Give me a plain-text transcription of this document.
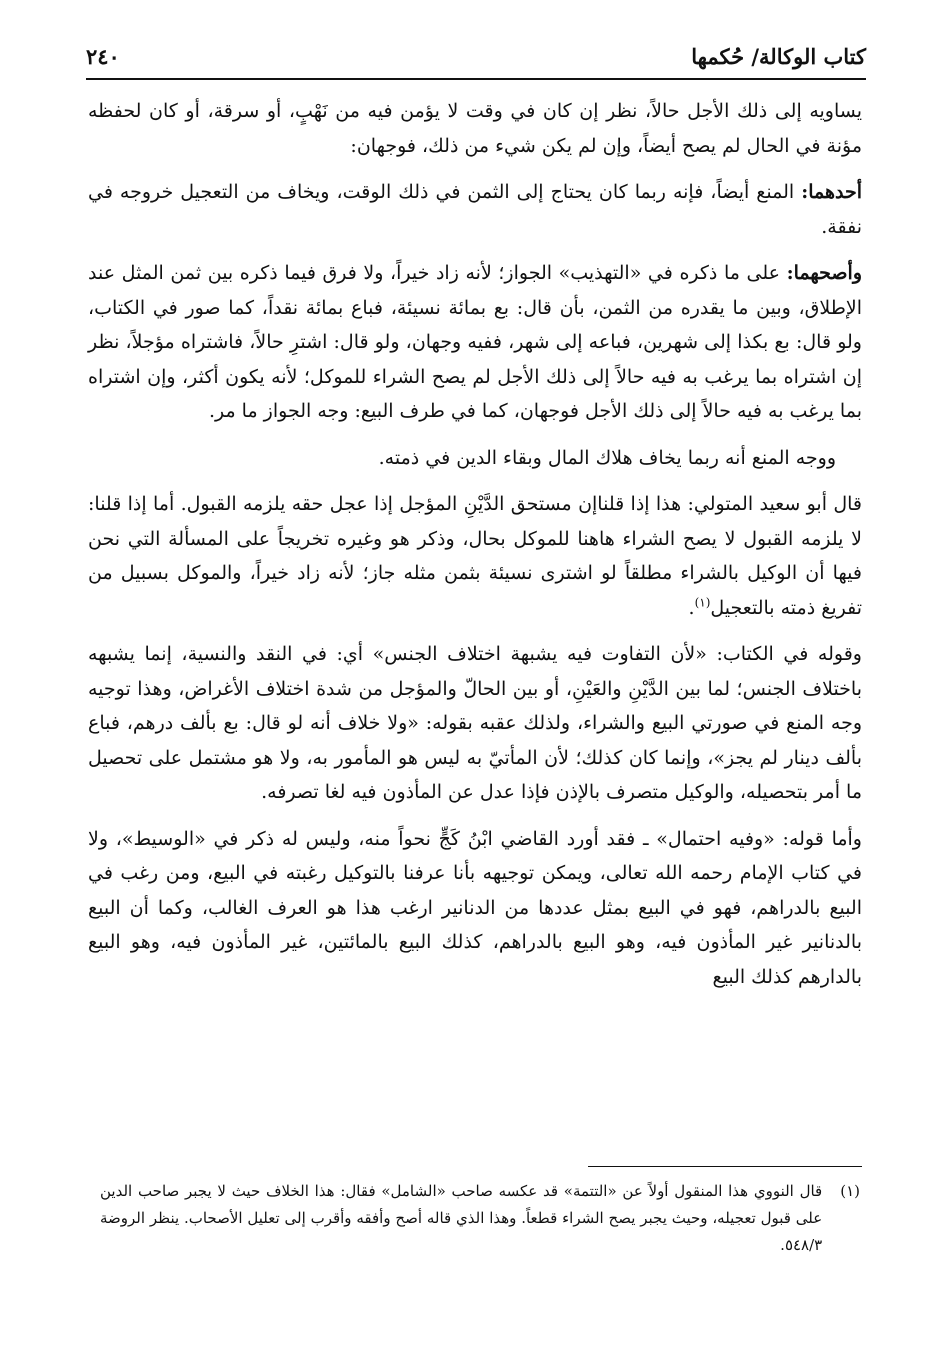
كتاب الوكالة/ حُكمها
٢٤٠

يساويه إلى ذلك الأجل حالاً، نظر إن كان في وقت لا يؤمن فيه من نَهْبٍ، أو سرقة، أو كان لحفظه مؤنة في الحال لم يصح أيضاً، وإن لم يكن شيء من ذلك، فوجهان:

أحدهما: المنع أيضاً، فإنه ربما كان يحتاج إلى الثمن في ذلك الوقت، ويخاف من التعجيل خروجه في نفقة.

وأصحهما: على ما ذكره في «التهذيب» الجواز؛ لأنه زاد خيراً، ولا فرق فيما ذكره بين ثمن المثل عند الإطلاق، وبين ما يقدره من الثمن، بأن قال: بع بمائة نسيئة، فباع بمائة نقداً، كما صور في الكتاب، ولو قال: بع بكذا إلى شهرين، فباعه إلى شهر، ففيه وجهان، ولو قال: اشترِ حالاً، فاشتراه مؤجلاً، نظر إن اشتراه بما يرغب به فيه حالاً إلى ذلك الأجل لم يصح الشراء للموكل؛ لأنه يكون أكثر، وإن اشتراه بما يرغب به فيه حالاً إلى ذلك الأجل فوجهان، كما في طرف البيع: وجه الجواز ما مر.

ووجه المنع أنه ربما يخاف هلاك المال وبقاء الدين في ذمته.

قال أبو سعيد المتولي: هذا إذا قلناإن مستحق الدَّيْنِ المؤجل إذا عجل حقه يلزمه القبول. أما إذا قلنا: لا يلزمه القبول لا يصح الشراء هاهنا للموكل بحال، وذكر هو وغيره تخريجاً على المسألة التي نحن فيها أن الوكيل بالشراء مطلقاً لو اشترى نسيئة بثمن مثله جاز؛ لأنه زاد خيراً، والموكل بسبيل من تفريغ ذمته بالتعجيل$^{(١)}$.

وقوله في الكتاب: «لأن التفاوت فيه يشبهة اختلاف الجنس» أي: في النقد والنسية، إنما يشبهه باختلاف الجنس؛ لما بين الدَّيْنِ والعَيْنِ، أو بين الحالّ والمؤجل من شدة اختلاف الأغراض، وهذا توجيه وجه المنع في صورتي البيع والشراء، ولذلك عقبه بقوله: «ولا خلاف أنه لو قال: بع بألف درهم، فباع بألف دينار لم يجز»، وإنما كان كذلك؛ لأن المأتيّ به ليس هو المأمور به، ولا هو مشتمل على تحصيل ما أمر بتحصيله، والوكيل متصرف بالإذن فإذا عدل عن المأذون فيه لغا تصرفه.

وأما قوله: «وفيه احتمال» ـ فقد أورد القاضي ابْنُ كَجٍّ نحواً منه، وليس له ذكر في «الوسيط»، ولا في كتاب الإمام رحمه الله تعالى، ويمكن توجيهه بأنا عرفنا بالتوكيل رغبته في البيع، ومن رغب في البيع بالدراهم، فهو في البيع بمثل عددها من الدنانير ارغب هذا هو العرف الغالب، وكما أن البيع بالدنانير غير المأذون فيه، وهو البيع بالدراهم، كذلك البيع بالمائتين، غير المأذون فيه، وهو البيع بالدارهم كذلك البيع

(١)
قال النووي هذا المنقول أولاً عن «التتمة» قد عكسه صاحب «الشامل» فقال: هذا الخلاف حيث لا يجبر صاحب الدين على قبول تعجيله، وحيث يجبر يصح الشراء قطعاً. وهذا الذي قاله أصح وأفقه وأقرب إلى تعليل الأصحاب. ينظر الروضة ٥٤٨/٣.
